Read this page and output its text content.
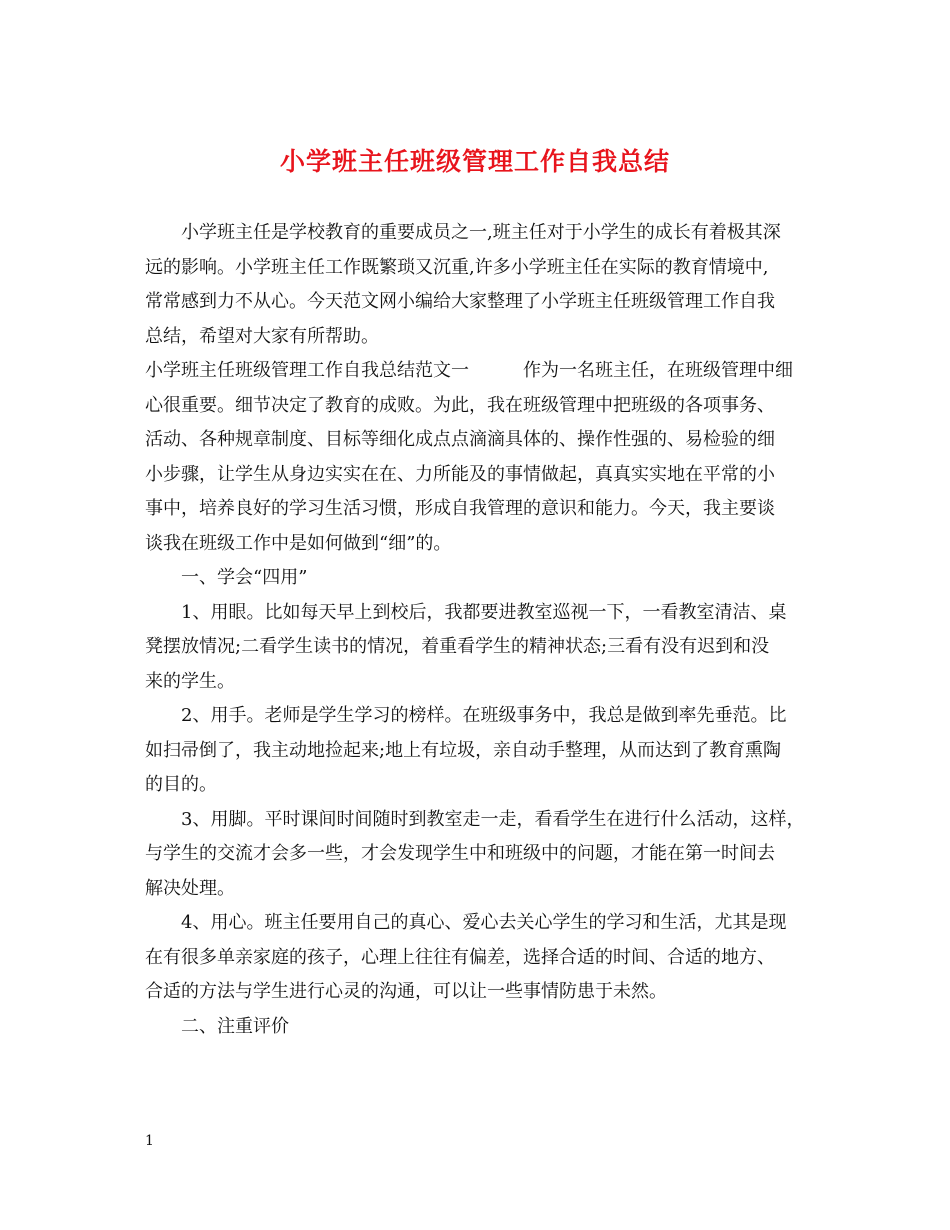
小学班主任班级管理工作自我总结
　　小学班主任是学校教育的重要成员之一,班主任对于小学生的成长有着极其深
远的影响。小学班主任工作既繁琐又沉重,许多小学班主任在实际的教育情境中,
常常感到力不从心。今天范文网小编给大家整理了小学班主任班级管理工作自我
总结，希望对大家有所帮助。
小学班主任班级管理工作自我总结范文一　　　作为一名班主任，在班级管理中细
心很重要。细节决定了教育的成败。为此，我在班级管理中把班级的各项事务、
活动、各种规章制度、目标等细化成点点滴滴具体的、操作性强的、易检验的细
小步骤，让学生从身边实实在在、力所能及的事情做起，真真实实地在平常的小
事中，培养良好的学习生活习惯，形成自我管理的意识和能力。今天，我主要谈
谈我在班级工作中是如何做到“细”的。
　　一、学会“四用”
　　1、用眼。比如每天早上到校后，我都要进教室巡视一下，一看教室清洁、桌
凳摆放情况;二看学生读书的情况，着重看学生的精神状态;三看有没有迟到和没
来的学生。
　　2、用手。老师是学生学习的榜样。在班级事务中，我总是做到率先垂范。比
如扫帚倒了，我主动地捡起来;地上有垃圾，亲自动手整理，从而达到了教育熏陶
的目的。
　　3、用脚。平时课间时间随时到教室走一走，看看学生在进行什么活动，这样，
与学生的交流才会多一些，才会发现学生中和班级中的问题，才能在第一时间去
解决处理。
　　4、用心。班主任要用自己的真心、爱心去关心学生的学习和生活，尤其是现
在有很多单亲家庭的孩子，心理上往往有偏差，选择合适的时间、合适的地方、
合适的方法与学生进行心灵的沟通，可以让一些事情防患于未然。
　　二、注重评价
1
